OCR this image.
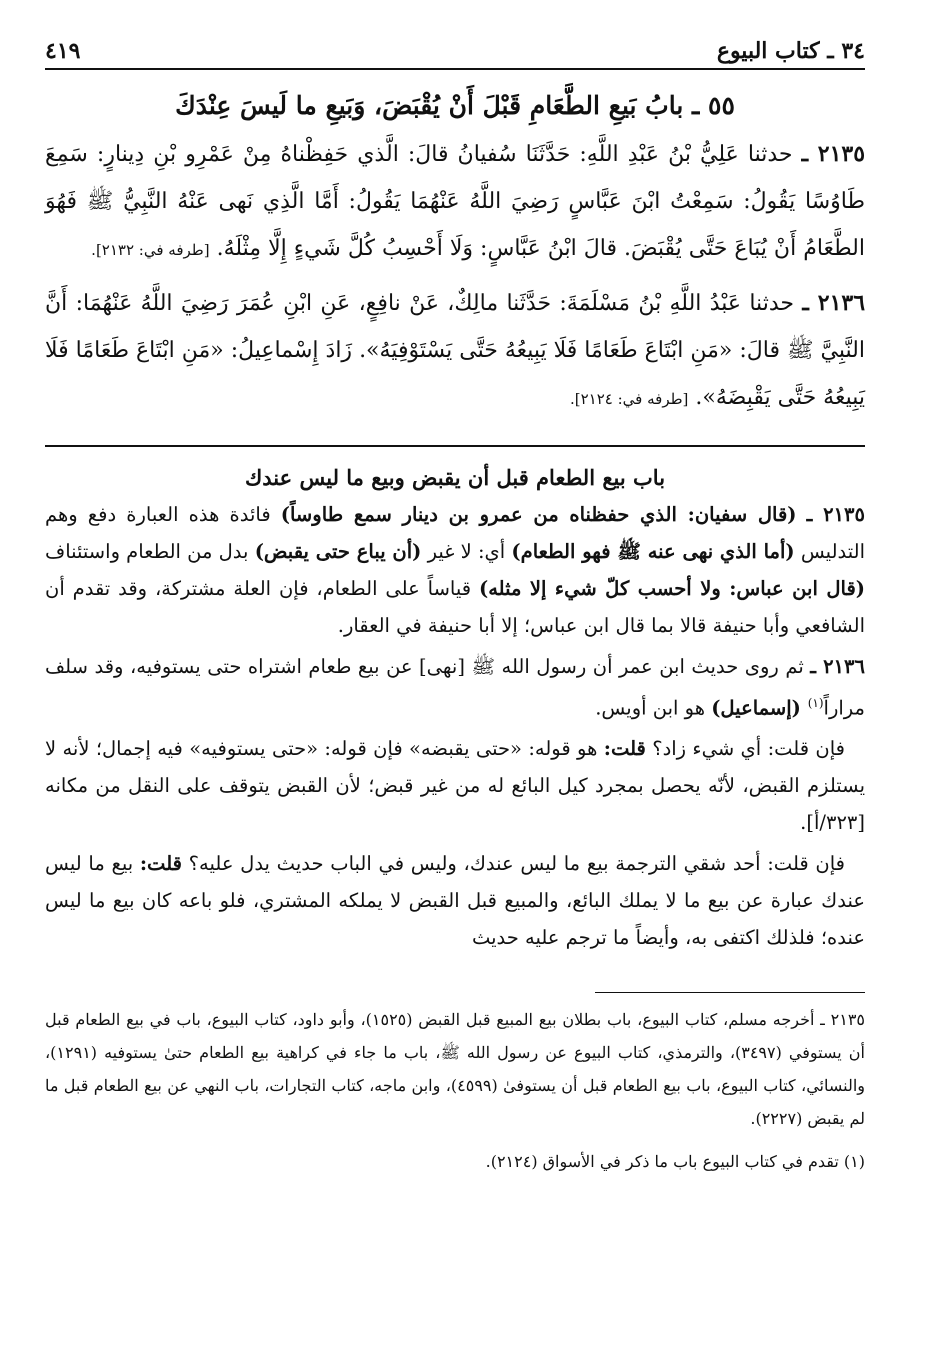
٣٤ ـ كتاب البيوع
٤١٩
٥٥ ـ بابُ بَيعِ الطَّعَامِ قَبْلَ أَنْ يُقْبَضَ، وَبَيعِ ما لَيسَ عِنْدَكَ

٢١٣٥ ـ حدثنا عَلِيُّ بْنُ عَبْدِ اللَّهِ: حَدَّثَنَا سُفيانُ قالَ: الَّذي حَفِظْناهُ مِنْ عَمْرِو بْنِ دِينارٍ: سَمِعَ طَاوُسًا يَقُولُ: سَمِعْتُ ابْنَ عَبَّاسٍ رَضِيَ اللَّهُ عَنْهُمَا يَقُولُ: أَمَّا الَّذِي نَهى عَنْهُ النَّبِيُّ ﷺ فَهُوَ الطَّعَامُ أَنْ يُبَاعَ حَتَّى يُقْبَضَ. قالَ ابْنُ عَبَّاسٍ: وَلَا أَحْسِبُ كُلَّ شَيءٍ إِلَّا مِثْلَهُ. [طرفه في: ٢١٣٢].

٢١٣٦ ـ حدثنا عَبْدُ اللَّهِ بْنُ مَسْلَمَةَ: حَدَّثَنا مالِكٌ، عَنْ نافِعٍ، عَنِ ابْنِ عُمَرَ رَضِيَ اللَّهُ عَنْهُمَا: أَنَّ النَّبِيَّ ﷺ قالَ: «مَنِ ابْتَاعَ طَعَامًا فَلَا يَبِيعُهُ حَتَّى يَسْتَوْفِيَهُ». زَادَ إِسْماعِيلُ: «مَنِ ابْتَاعَ طَعَامًا فَلَا يَبِيعُهُ حَتَّى يَقْبِضَهُ». [طرفه في: ٢١٢٤].

باب بيع الطعام قبل أن يقبض وبيع ما ليس عندك

٢١٣٥ ـ (قال سفيان: الذي حفظناه من عمرو بن دينار سمع طاوساً) فائدة هذه العبارة دفع وهم التدليس (أما الذي نهى عنه ﷺ فهو الطعام) أي: لا غير (أن يباع حتى يقبض) بدل من الطعام واستئناف (قال ابن عباس: ولا أحسب كلّ شيء إلا مثله) قياساً على الطعام، فإن العلة مشتركة، وقد تقدم أن الشافعي وأبا حنيفة قالا بما قال ابن عباس؛ إلا أبا حنيفة في العقار.

٢١٣٦ ـ ثم روى حديث ابن عمر أن رسول الله ﷺ [نهى] عن بيع طعام اشتراه حتى يستوفيه، وقد سلف مراراً$^{(١)}$ (إسماعيل) هو ابن أويس.

فإن قلت: أي شيء زاد؟ قلت: هو قوله: «حتى يقبضه» فإن قوله: «حتى يستوفيه» فيه إجمال؛ لأنه لا يستلزم القبض، لأنّه يحصل بمجرد كيل البائع له من غير قبض؛ لأن القبض يتوقف على النقل من مكانه [٣٢٣/أ].

فإن قلت: أحد شقي الترجمة بيع ما ليس عندك، وليس في الباب حديث يدل عليه؟ قلت: بيع ما ليس عندك عبارة عن بيع ما لا يملك البائع، والمبيع قبل القبض لا يملكه المشتري، فلو باعه كان بيع ما ليس عنده؛ فلذلك اكتفى به، وأيضاً ما ترجم عليه حديث

٢١٣٥ ـ أخرجه مسلم، كتاب البيوع، باب بطلان بيع المبيع قبل القبض (١٥٢٥)، وأبو داود، كتاب البيوع، باب في بيع الطعام قبل أن يستوفي (٣٤٩٧)، والترمذي، كتاب البيوع عن رسول الله ﷺ، باب ما جاء في كراهية بيع الطعام حتىٰ يستوفيه (١٢٩١)، والنسائي، كتاب البيوع، باب بيع الطعام قبل أن يستوفىٰ (٤٥٩٩)، وابن ماجه، كتاب التجارات، باب النهي عن بيع الطعام قبل ما لم يقبض (٢٢٢٧).

(١) تقدم في كتاب البيوع باب ما ذكر في الأسواق (٢١٢٤).
